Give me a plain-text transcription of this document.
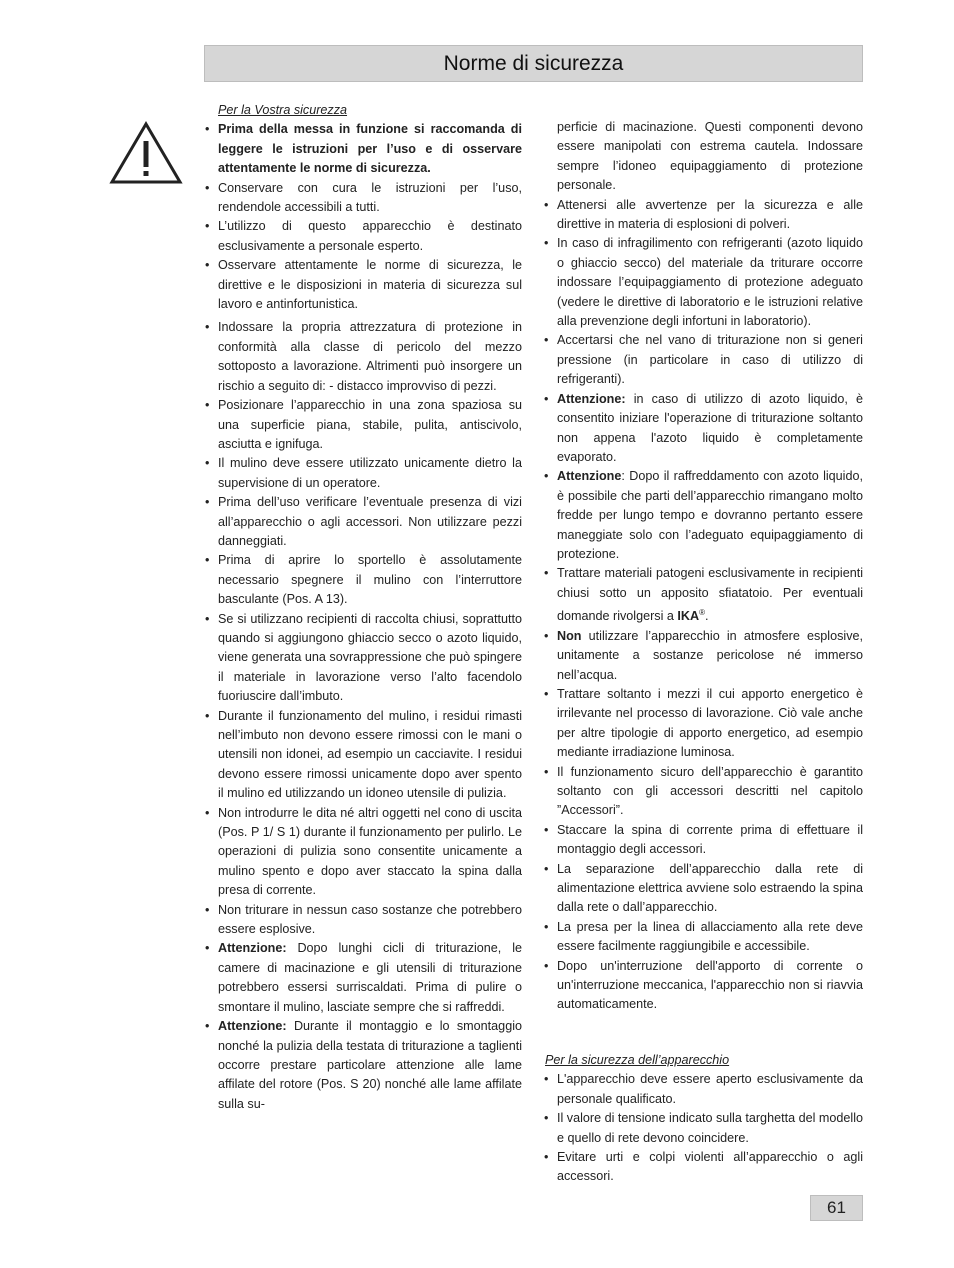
Norme di sicurezza

Per la Vostra sicurezza

• Prima della messa in funzione si raccomanda di leggere le istruzioni per l’uso e di osservare attentamente le norme di sicurezza.
• Conservare con cura le istruzioni per l’uso, rendendole accessibili a tutti.
• L’utilizzo di questo apparecchio è destinato esclusivamente a personale esperto.
• Osservare attentamente le norme di sicurezza, le direttive e le disposizioni in materia di sicurezza sul lavoro e antinfortunistica.
• Indossare la propria attrezzatura di protezione in conformità alla classe di pericolo del mezzo sottoposto a lavorazione. Altrimenti può insorgere un rischio a seguito di: - distacco improvviso di pezzi.
• Posizionare l’apparecchio in una zona spaziosa su una superficie piana, stabile, pulita, antiscivolo, asciutta e ignifuga.
• Il mulino deve essere utilizzato unicamente dietro la supervisione di un operatore.
• Prima dell’uso verificare l’eventuale presenza di vizi all’apparecchio o agli accessori. Non utilizzare pezzi danneggiati.
• Prima di aprire lo sportello è assolutamente necessario spegnere il mulino con l’interruttore basculante (Pos. A 13).
• Se si utilizzano recipienti di raccolta chiusi, soprattutto quando si aggiungono ghiaccio secco o azoto liquido, viene generata una sovrappressione che può spingere il materiale in lavorazione verso l’alto facendolo fuoriuscire dall’imbuto.
• Durante il funzionamento del mulino, i residui rimasti nell’imbuto non devono essere rimossi con le mani o utensili non idonei, ad esempio un cacciavite. I residui devono essere rimossi unicamente dopo aver spento il mulino ed utilizzando un idoneo utensile di pulizia.
• Non introdurre le dita né altri oggetti nel cono di uscita (Pos. P 1/ S 1) durante il funzionamento per pulirlo. Le operazioni di pulizia sono consentite unicamente a mulino spento e dopo aver staccato la spina dalla presa di corrente.
• Non triturare in nessun caso sostanze che potrebbero essere esplosive.
• Attenzione: Dopo lunghi cicli di triturazione, le camere di macinazione e gli utensili di triturazione potrebbero essersi surriscaldati. Prima di pulire o smontare il mulino, lasciate sempre che si raffreddi.
• Attenzione: Durante il montaggio e lo smontaggio nonché la pulizia della testata di triturazione a taglienti occorre prestare particolare attenzione alle lame affilate del rotore (Pos. S 20) nonché alle lame affilate sulla su-
perficie di macinazione. Questi componenti devono essere manipolati con estrema cautela. Indossare sempre l’idoneo equipaggiamento di protezione personale.
• Attenersi alle avvertenze per la sicurezza e alle direttive in materia di esplosioni di polveri.
• In caso di infragilimento con refrigeranti (azoto liquido o ghiaccio secco) del materiale da triturare occorre indossare l’equipaggiamento di protezione adeguato (vedere le direttive di laboratorio e le istruzioni relative alla prevenzione degli infortuni in laboratorio).
• Accertarsi che nel vano di triturazione non si generi pressione (in particolare in caso di utilizzo di refrigeranti).
• Attenzione: in caso di utilizzo di azoto liquido, è consentito iniziare l'operazione di triturazione soltanto non appena l'azoto liquido è completamente evaporato.
• Attenzione: Dopo il raffreddamento con azoto liquido, è possibile che parti dell’apparecchio rimangano molto fredde per lungo tempo e dovranno pertanto essere maneggiate solo con l’adeguato equipaggiamento di protezione.
• Trattare materiali patogeni esclusivamente in recipienti chiusi sotto un apposito sfiatatoio. Per eventuali domande rivolgersi a IKA®.
• Non utilizzare l’apparecchio in atmosfere esplosive, unitamente a sostanze pericolose né immerso nell’acqua.
• Trattare soltanto i mezzi il cui apporto energetico è irrilevante nel processo di lavorazione. Ciò vale anche per altre tipologie di apporto energetico, ad esempio mediante irradiazione luminosa.
• Il funzionamento sicuro dell’apparecchio è garantito soltanto con gli accessori descritti nel capitolo ”Accessori”.
• Staccare la spina di corrente prima di effettuare il montaggio degli accessori.
• La separazione dell’apparecchio dalla rete di alimentazione elettrica avviene solo estraendo la spina dalla rete o dall’apparecchio.
• La presa per la linea di allacciamento alla rete deve essere facilmente raggiungibile e accessibile.
• Dopo un'interruzione dell'apporto di corrente o un'interruzione meccanica, l'apparecchio non si riavvia automaticamente.

Per la sicurezza dell’apparecchio

• L'apparecchio deve essere aperto esclusivamente da personale qualificato.
• Il valore di tensione indicato sulla targhetta del modello e quello di rete devono coincidere.
• Evitare urti e colpi violenti all’apparecchio o agli accessori.
61
